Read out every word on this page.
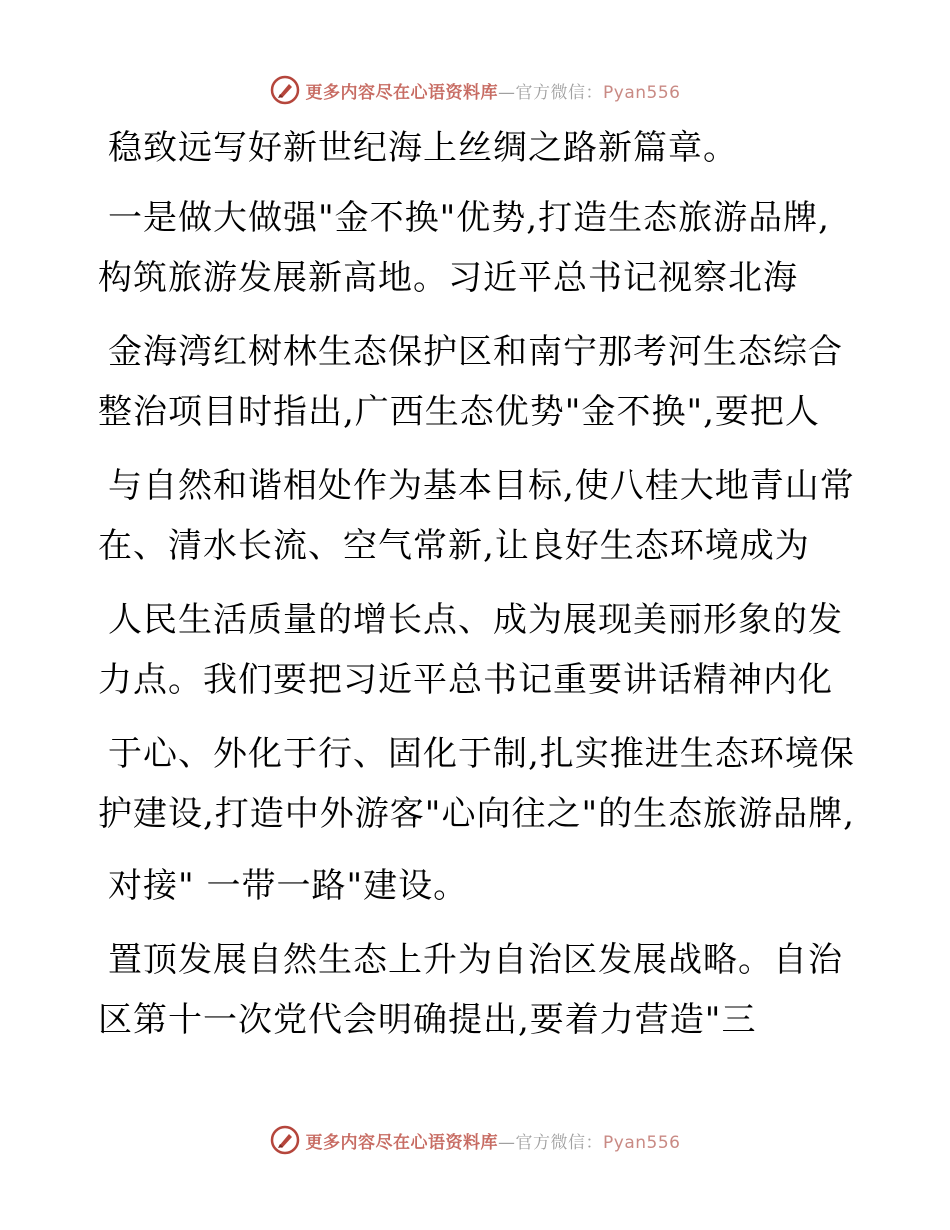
更多内容尽在心语资料库—官方微信：Pyan556
稳致远写好新世纪海上丝绸之路新篇章。
一是做大做强"金不换"优势,打造生态旅游品牌,
构筑旅游发展新高地。习近平总书记视察北海
金海湾红树林生态保护区和南宁那考河生态综合
整治项目时指出,广西生态优势"金不换",要把人
与自然和谐相处作为基本目标,使八桂大地青山常
在、清水长流、空气常新,让良好生态环境成为
人民生活质量的增长点、成为展现美丽形象的发
力点。我们要把习近平总书记重要讲话精神内化
于心、外化于行、固化于制,扎实推进生态环境保
护建设,打造中外游客"心向往之"的生态旅游品牌,
对接" 一带一路"建设。
置顶发展自然生态上升为自治区发展战略。自治
区第十一次党代会明确提出,要着力营造"三
更多内容尽在心语资料库—官方微信：Pyan556
